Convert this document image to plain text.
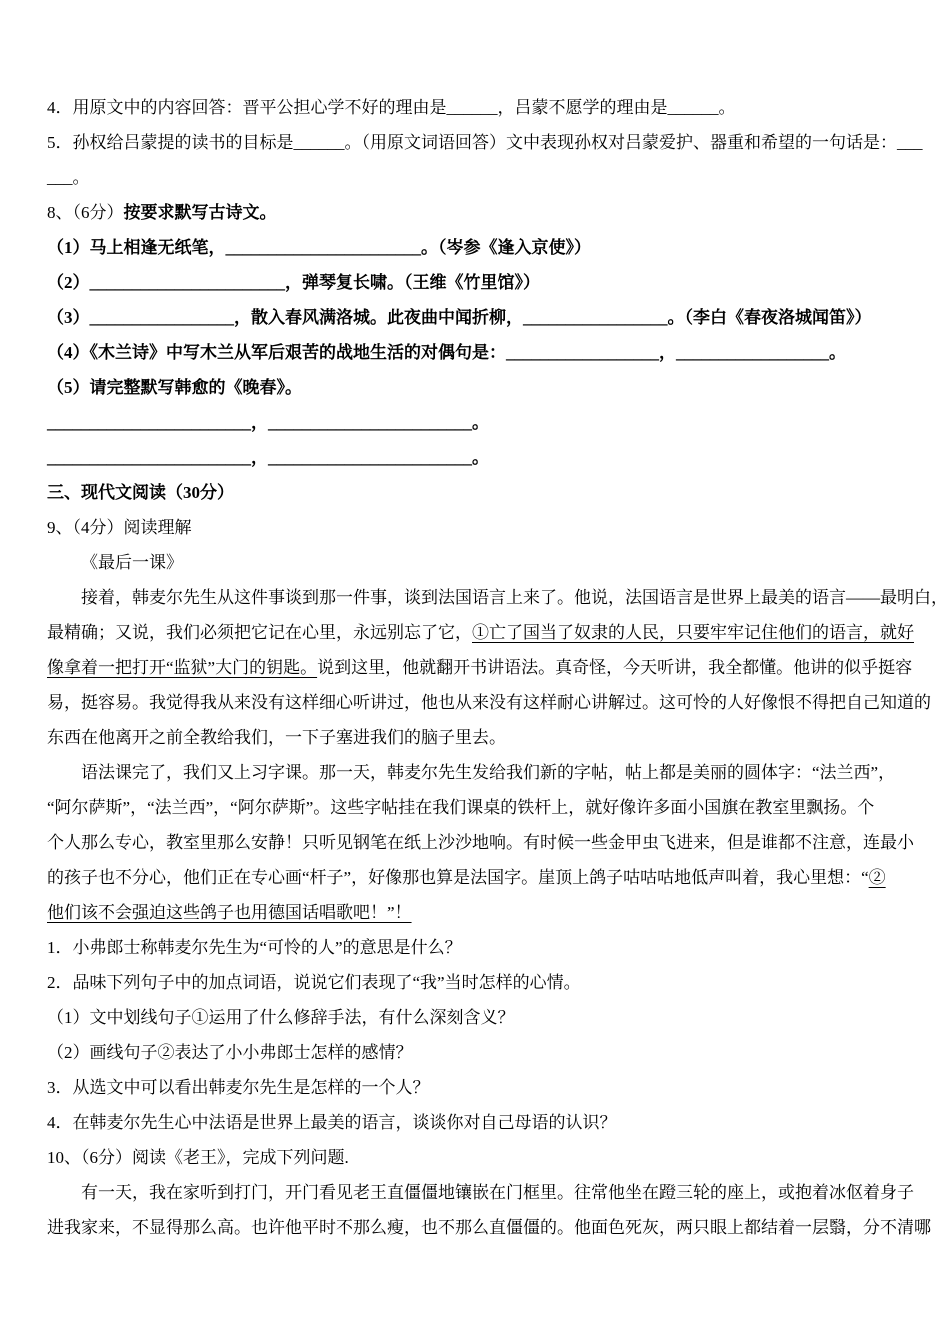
4．用原文中的内容回答：晋平公担心学不好的理由是______，吕蒙不愿学的理由是______。

5．孙权给吕蒙提的读书的目标是______。（用原文词语回答）文中表现孙权对吕蒙爱护、器重和希望的一句话是：___

___。

8、（6分）按要求默写古诗文。

（1）马上相逢无纸笔，_______________________。（岑参《逢入京使》）

（2）_______________________，弹琴复长啸。（王维《竹里馆》）

（3）_________________，散入春风满洛城。此夜曲中闻折柳，_________________。（李白《春夜洛城闻笛》）

（4）《木兰诗》中写木兰从军后艰苦的战地生活的对偶句是：__________________，__________________。

（5）请完整默写韩愈的《晚春》。

________________________，________________________。

________________________，________________________。

三、现代文阅读（30分）

9、（4分）阅读理解

《最后一课》

接着，韩麦尔先生从这件事谈到那一件事，谈到法国语言上来了。他说，法国语言是世界上最美的语言——最明白，

最精确；又说，我们必须把它记在心里，永远别忘了它，①亡了国当了奴隶的人民，只要牢牢记住他们的语言，就好

像拿着一把打开“监狱”大门的钥匙。说到这里，他就翻开书讲语法。真奇怪，今天听讲，我全都懂。他讲的似乎挺容

易，挺容易。我觉得我从来没有这样细心听讲过，他也从来没有这样耐心讲解过。这可怜的人好像恨不得把自己知道的

东西在他离开之前全教给我们，一下子塞进我们的脑子里去。

语法课完了，我们又上习字课。那一天，韩麦尔先生发给我们新的字帖，帖上都是美丽的圆体字：“法兰西”，

“阿尔萨斯”，“法兰西”，“阿尔萨斯”。这些字帖挂在我们课桌的铁杆上，就好像许多面小国旗在教室里飘扬。个

个人那么专心，教室里那么安静！只听见钢笔在纸上沙沙地响。有时候一些金甲虫飞进来，但是谁都不注意，连最小

的孩子也不分心，他们正在专心画“杆子”，好像那也算是法国字。崖顶上鸽子咕咕咕地低声叫着，我心里想：“②

他们该不会强迫这些鸽子也用德国话唱歌吧！”！

1．小弗郎士称韩麦尔先生为“可怜的人”的意思是什么？

2．品味下列句子中的加点词语，说说它们表现了“我”当时怎样的心情。

（1）文中划线句子①运用了什么修辞手法，有什么深刻含义？

（2）画线句子②表达了小小弗郎士怎样的感情？

3．从选文中可以看出韩麦尔先生是怎样的一个人？

4．在韩麦尔先生心中法语是世界上最美的语言，谈谈你对自己母语的认识？

10、（6分）阅读《老王》，完成下列问题.

有一天，我在家听到打门，开门看见老王直僵僵地镶嵌在门框里。往常他坐在蹬三轮的座上，或抱着冰伛着身子

进我家来，不显得那么高。也许他平时不那么瘦，也不那么直僵僵的。他面色死灰，两只眼上都结着一层翳，分不清哪
